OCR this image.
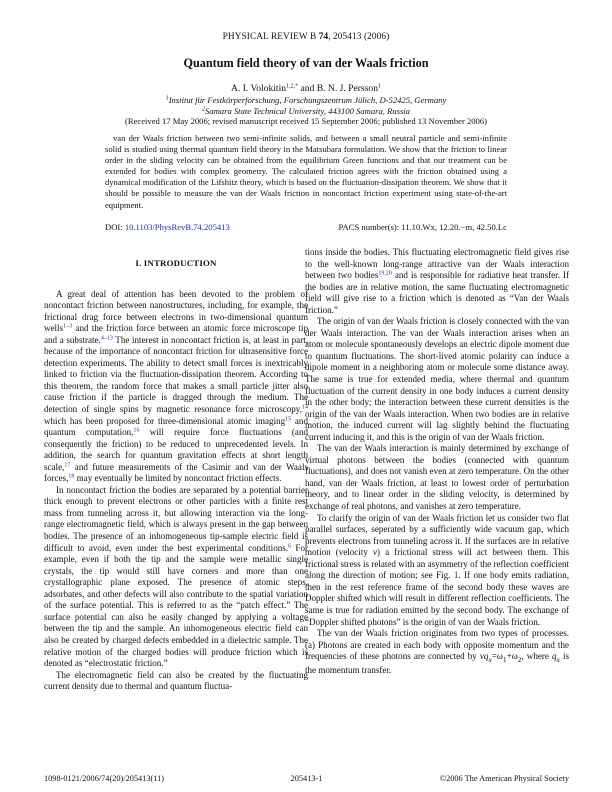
PHYSICAL REVIEW B 74, 205413 (2006)
Quantum field theory of van der Waals friction
A. I. Volokitin$^{1,2,*}$ and B. N. J. Persson$^1$
$^1$Institut für Festkörperforschung, Forschungszentrum Jülich, D-52425, Germany
$^2$Samara State Technical University, 443100 Samara, Russia
(Received 17 May 2006; revised manuscript received 15 September 2006; published 13 November 2006)
van der Waals friction between two semi-infinite solids, and between a small neutral particle and semi-infinite solid is studied using thermal quantum field theory in the Matsubara formulation. We show that the friction to linear order in the sliding velocity can be obtained from the equilibrium Green functions and that our treatment can be extended for bodies with complex geometry. The calculated friction agrees with the friction obtained using a dynamical modification of the Lifshitz theory, which is based on the fluctuation-dissipation theorem. We show that it should be possible to measure the van der Waals friction in noncontact friction experiment using state-of-the-art equipment.
DOI: 10.1103/PhysRevB.74.205413	PACS number(s): 11.10.Wx, 12.20.−m, 42.50.Lc
I. INTRODUCTION

A great deal of attention has been devoted to the problem of noncontact friction between nanostructures, including, for example, the frictional drag force between electrons in two-dimensional quantum wells$^{1-3}$ and the friction force between an atomic force microscope tip and a substrate.$^{4-13}$ The interest in noncontact friction is, at least in part, because of the importance of noncontact friction for ultrasensitive force detection experiments. The ability to detect small forces is inextricably linked to friction via the fluctuation-dissipation theorem. According to this theorem, the random force that makes a small particle jitter also cause friction if the particle is dragged through the medium. The detection of single spins by magnetic resonance force microscopy,$^{14}$ which has been proposed for three-dimensional atomic imaging$^{15}$ and quantum computation,$^{16}$ will require force fluctuations (and consequently the friction) to be reduced to unprecedented levels. In addition, the search for quantum gravitation effects at short length scale,$^{17}$ and future measurements of the Casimir and van der Waals forces,$^{18}$ may eventually be limited by noncontact friction effects.

In noncontact friction the bodies are separated by a potential barrier thick enough to prevent electrons or other particles with a finite rest mass from tunneling across it, but allowing interaction via the long-range electromagnetic field, which is always present in the gap between bodies. The presence of an inhomogeneous tip-sample electric field is difficult to avoid, even under the best experimental conditions.$^6$ For example, even if both the tip and the sample were metallic single crystals, the tip would still have corners and more than one crystallographic plane exposed. The presence of atomic steps, adsorbates, and other defects will also contribute to the spatial variation of the surface potential. This is referred to as the “patch effect.” The surface potential can also be easily changed by applying a voltage between the tip and the sample. An inhomogeneous electric field can also be created by charged defects embedded in a dielectric sample. The relative motion of the charged bodies will produce friction which is denoted as “electrostatic friction.”

The electromagnetic field can also be created by the fluctuating current density due to thermal and quantum fluctua-

tions inside the bodies. This fluctuating electromagnetic field gives rise to the well-known long-range attractive van der Waals interaction between two bodies$^{19,20}$ and is responsible for radiative heat transfer. If the bodies are in relative motion, the same fluctuating electromagnetic field will give rise to a friction which is denoted as “Van der Waals friction.”

The origin of van der Waals friction is closely connected with the van der Waals interaction. The van der Waals interaction arises when an atom or molecule spontaneously develops an electric dipole moment due to quantum fluctuations. The short-lived atomic polarity can induce a dipole moment in a neighboring atom or molecule some distance away. The same is true for extended media, where thermal and quantum fluctuation of the current density in one body induces a current density in the other body; the interaction between these current densities is the origin of the van der Waals interaction. When two bodies are in relative motion, the induced current will lag slightly behind the fluctuating current inducing it, and this is the origin of van der Waals friction.

The van der Waals interaction is mainly determined by exchange of virtual photons between the bodies (connected with quantum fluctuations), and does not vanish even at zero temperature. On the other hand, van der Waals friction, at least to lowest order of perturbation theory, and to linear order in the sliding velocity, is determined by exchange of real photons, and vanishes at zero temperature.

To clarify the origin of van der Waals friction let us consider two flat parallel surfaces, seperated by a sufficiently wide vacuum gap, which prevents electrons from tunneling across it. If the surfaces are in relative motion (velocity v) a frictional stress will act between them. This frictional stress is related with an asymmetry of the reflection coefficient along the direction of motion; see Fig. 1. If one body emits radiation, then in the rest reference frame of the second body these waves are Doppler shifted which will result in different reflection coefficients. The same is true for radiation emitted by the second body. The exchange of “Doppler shifted photons” is the origin of van der Waals friction.

The van der Waals friction originates from two types of processes. (a) Photons are created in each body with opposite momentum and the frequencies of these photons are connected by $vq_x=\omega_1+\omega_2$, where $q_x$ is the momentum transfer.

1098-0121/2006/74(20)/205413(11)	205413-1	©2006 The American Physical Society
